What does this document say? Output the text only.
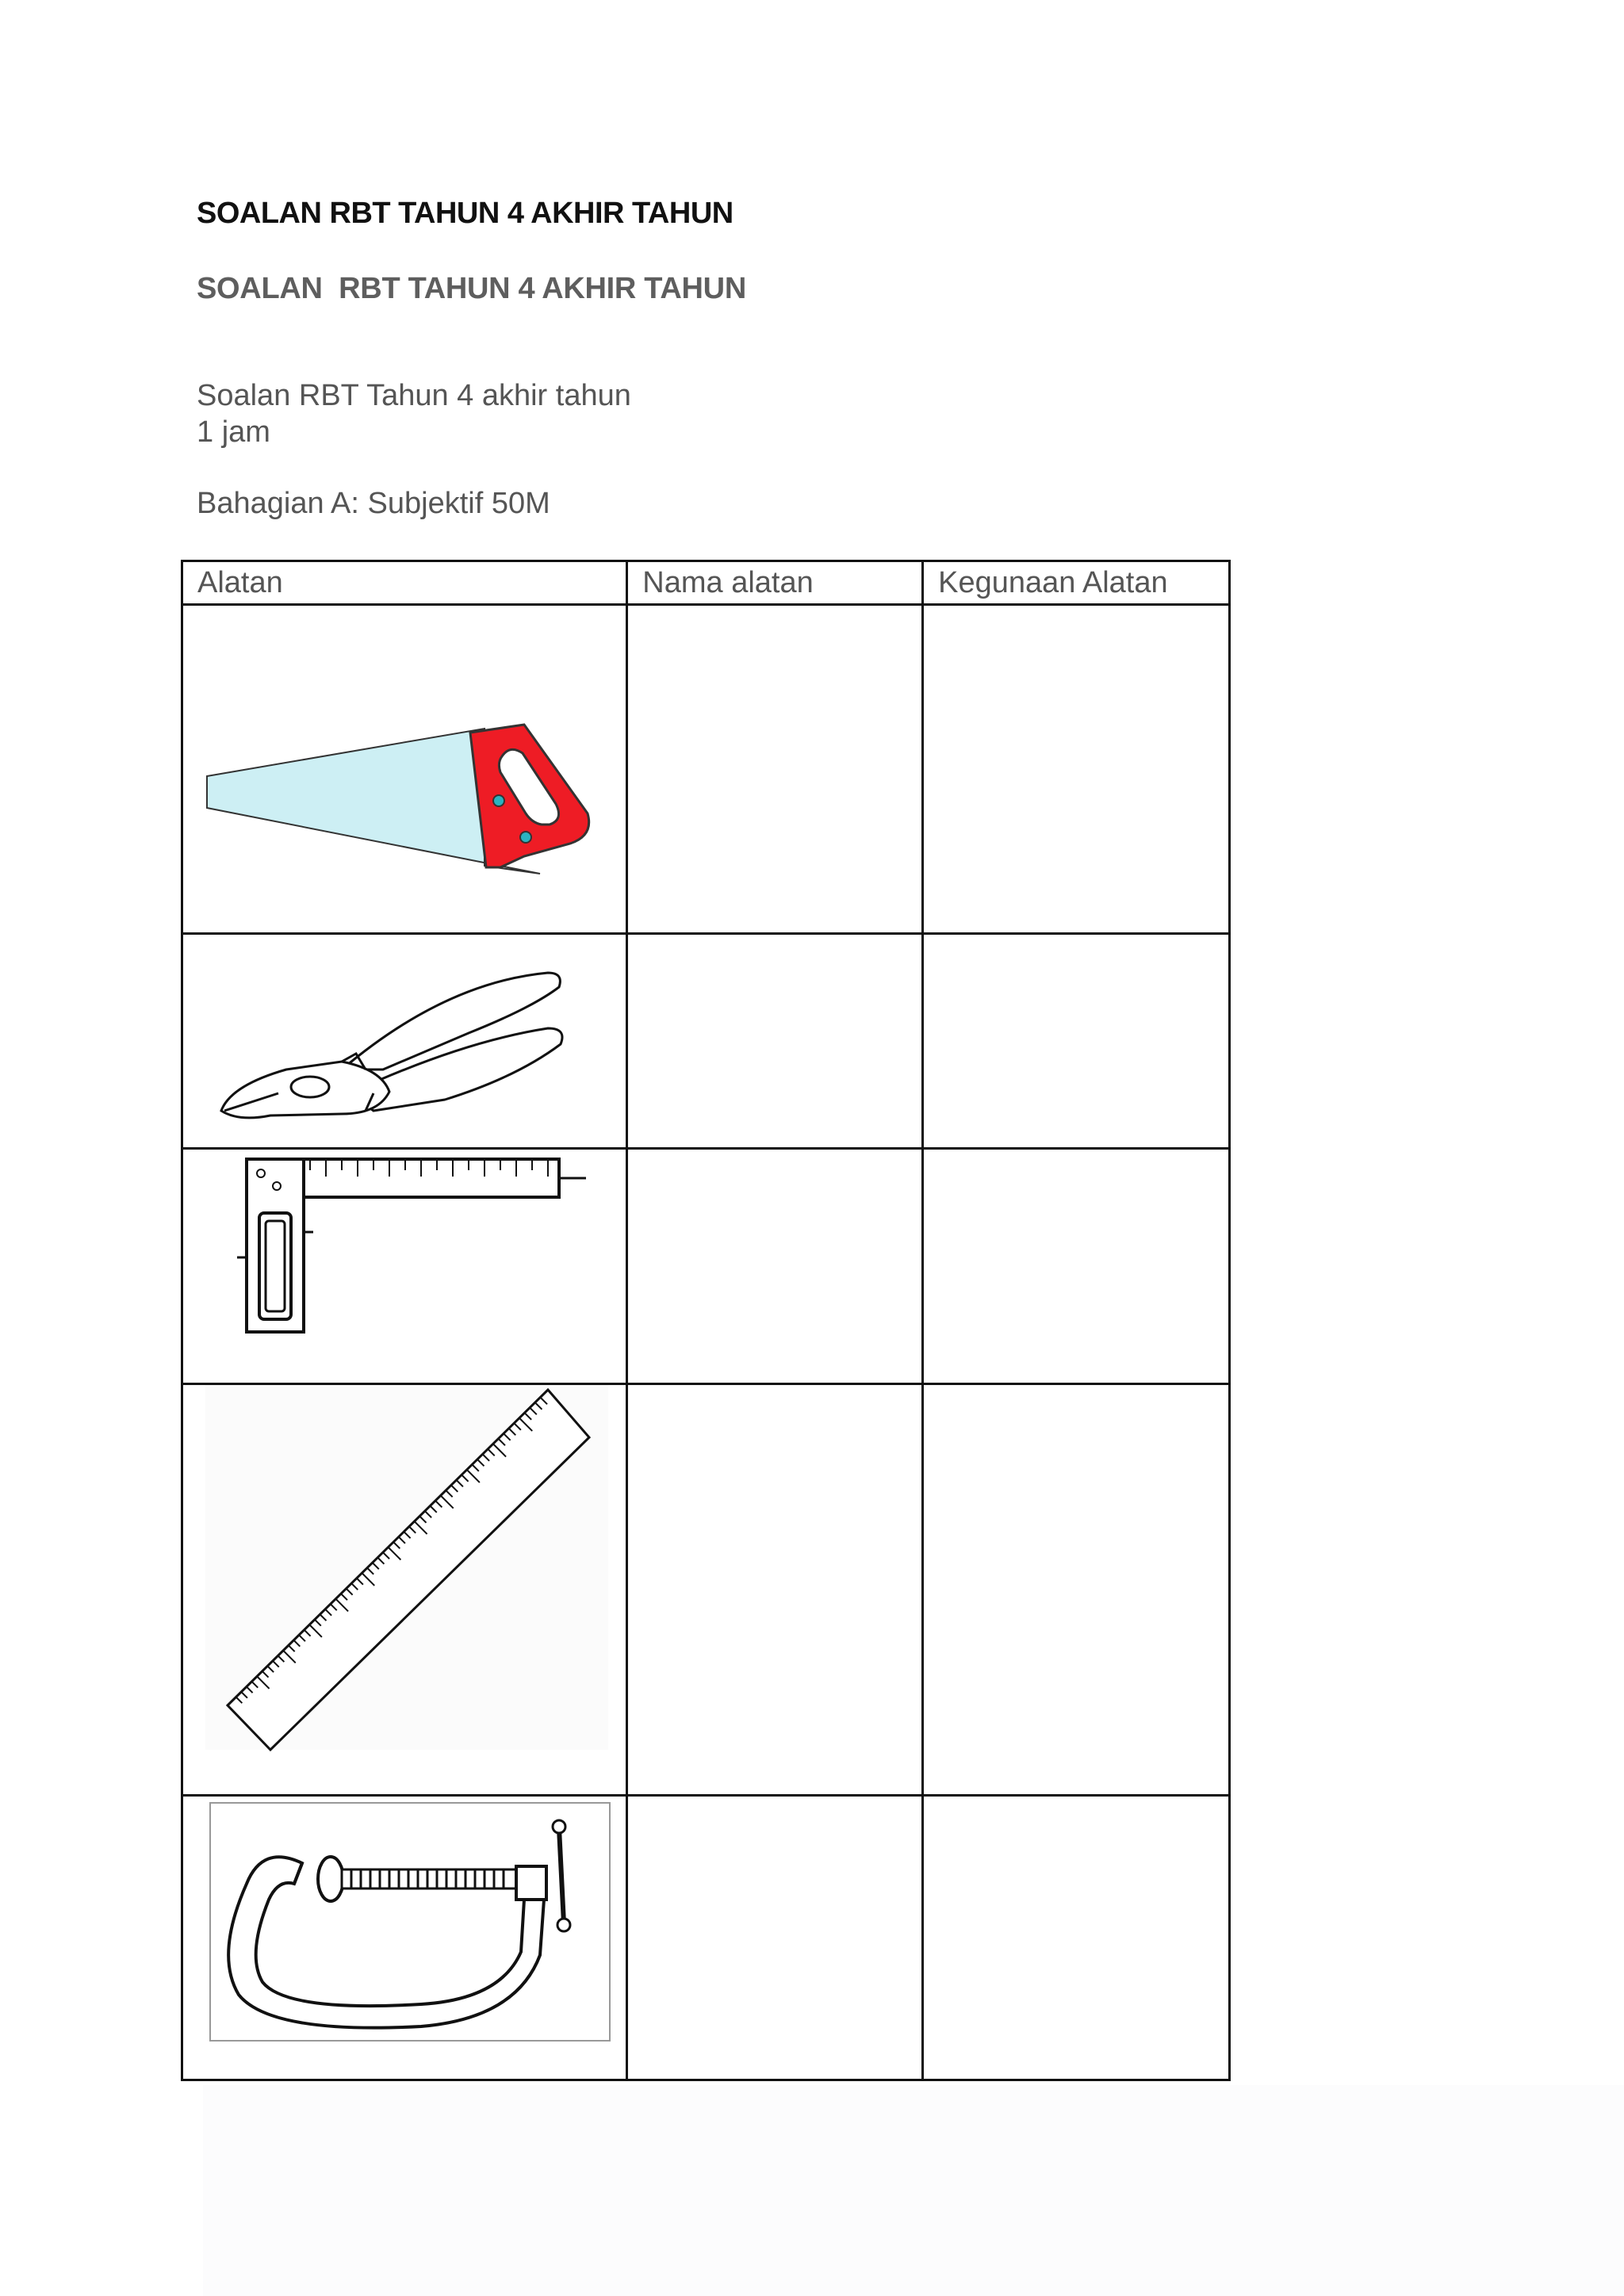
SOALAN RBT TAHUN 4 AKHIR TAHUN
SOALAN  RBT TAHUN 4 AKHIR TAHUN
Soalan RBT Tahun 4 akhir tahun
1 jam
Bahagian A: Subjektif 50M
Alatan	Nama alatan	Kegunaan Alatan
